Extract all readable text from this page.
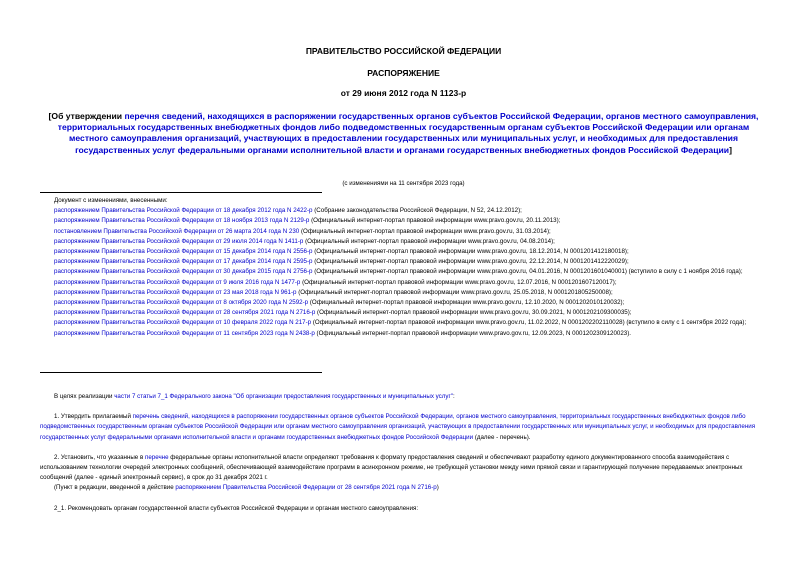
ПРАВИТЕЛЬСТВО РОССИЙСКОЙ ФЕДЕРАЦИИ
РАСПОРЯЖЕНИЕ
от 29 июня 2012 года N 1123-р
[Об утверждении перечня сведений, находящихся в распоряжении государственных органов субъектов Российской Федерации, органов местного самоуправления, территориальных государственных внебюджетных фондов либо подведомственных государственным органам субъектов Российской Федерации или органам местного самоуправления организаций, участвующих в предоставлении государственных или муниципальных услуг, и необходимых для предоставления государственных услуг федеральными органами исполнительной власти и органами государственных внебюджетных фондов Российской Федерации]
(с изменениями на 11 сентября 2023 года)
Документ с изменениями, внесенными:
распоряжением Правительства Российской Федерации от 18 декабря 2012 года N 2422-р (Собрание законодательства Российской Федерации, N 52, 24.12.2012);
распоряжением Правительства Российской Федерации от 18 ноября 2013 года N 2129-р (Официальный интернет-портал правовой информации www.pravo.gov.ru, 20.11.2013);
постановлением Правительства Российской Федерации от 26 марта 2014 года N 230 (Официальный интернет-портал правовой информации www.pravo.gov.ru, 31.03.2014);
распоряжением Правительства Российской Федерации от 29 июля 2014 года N 1411-р (Официальный интернет-портал правовой информации www.pravo.gov.ru, 04.08.2014);
распоряжением Правительства Российской Федерации от 15 декабря 2014 года N 2556-р (Официальный интернет-портал правовой информации www.pravo.gov.ru, 18.12.2014, N 0001201412180018);
распоряжением Правительства Российской Федерации от 17 декабря 2014 года N 2595-р (Официальный интернет-портал правовой информации www.pravo.gov.ru, 22.12.2014, N 0001201412220029);
распоряжением Правительства Российской Федерации от 30 декабря 2015 года N 2756-р (Официальный интернет-портал правовой информации www.pravo.gov.ru, 04.01.2016, N 0001201601040001) (вступило в силу с 1 ноября 2016 года);
распоряжением Правительства Российской Федерации от 9 июля 2016 года N 1477-р (Официальный интернет-портал правовой информации www.pravo.gov.ru, 12.07.2016, N 0001201607120017);
распоряжением Правительства Российской Федерации от 23 мая 2018 года N 961-р (Официальный интернет-портал правовой информации www.pravo.gov.ru, 25.05.2018, N 0001201805250008);
распоряжением Правительства Российской Федерации от 8 октября 2020 года N 2592-р (Официальный интернет-портал правовой информации www.pravo.gov.ru, 12.10.2020, N 0001202010120032);
распоряжением Правительства Российской Федерации от 28 сентября 2021 года N 2716-р (Официальный интернет-портал правовой информации www.pravo.gov.ru, 30.09.2021, N 0001202109300035);
распоряжением Правительства Российской Федерации от 10 февраля 2022 года N 217-р (Официальный интернет-портал правовой информации www.pravo.gov.ru, 11.02.2022, N 0001202202110028) (вступило в силу с 1 сентября 2022 года);
распоряжением Правительства Российской Федерации от 11 сентября 2023 года N 2438-р (Официальный интернет-портал правовой информации www.pravo.gov.ru, 12.09.2023, N 0001202309120023).

В целях реализации части 7 статьи 7_1 Федерального закона "Об организации предоставления государственных и муниципальных услуг":

1. Утвердить прилагаемый перечень сведений, находящихся в распоряжении государственных органов субъектов Российской Федерации, органов местного самоуправления, территориальных государственных внебюджетных фондов либо подведомственных государственным органам субъектов Российской Федерации или органам местного самоуправления организаций, участвующих в предоставлении государственных или муниципальных услуг, и необходимых для предоставления государственных услуг федеральными органами исполнительной власти и органами государственных внебюджетных фондов Российской Федерации (далее - перечень).

2. Установить, что указанные в перечне федеральные органы исполнительной власти определяют требования к формату предоставления сведений и обеспечивают разработку единого документированного способа взаимодействия с использованием технологии очередей электронных сообщений, обеспечивающей взаимодействие программ в асинхронном режиме, не требующей установки между ними прямой связи и гарантирующей получение передаваемых электронных сообщений (далее - единый электронный сервис), в срок до 31 декабря 2021 г.

(Пункт в редакции, введенной в действие распоряжением Правительства Российской Федерации от 28 сентября 2021 года N 2716-р)

2_1. Рекомендовать органам государственной власти субъектов Российской Федерации и органам местного самоуправления:
